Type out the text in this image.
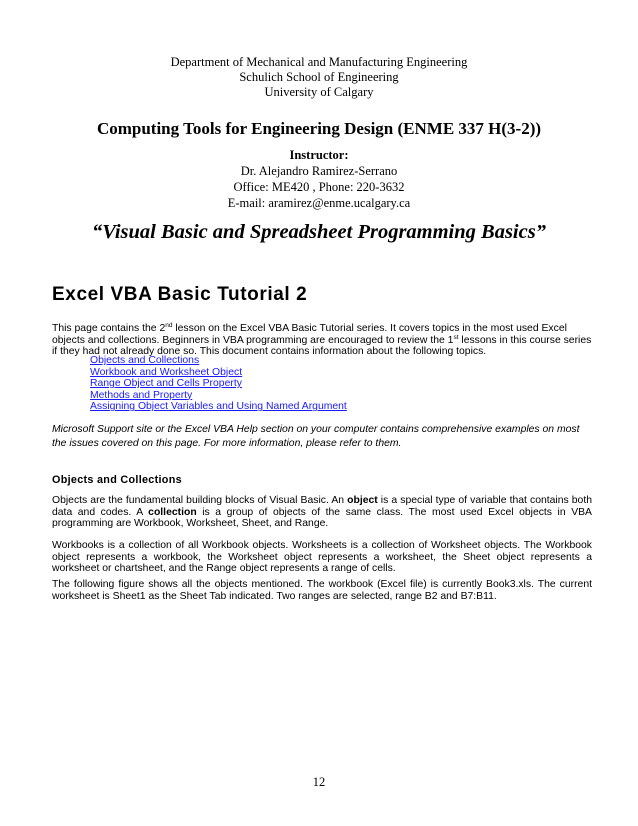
Department of Mechanical and Manufacturing Engineering
Schulich School of Engineering
University of Calgary
Computing Tools for Engineering Design (ENME 337 H(3-2))
Instructor:
Dr. Alejandro Ramirez-Serrano
Office: ME420 , Phone: 220-3632
E-mail: aramirez@enme.ucalgary.ca
“Visual Basic and Spreadsheet Programming Basics”
Excel VBA Basic Tutorial 2
This page contains the 2nd lesson on the Excel VBA Basic Tutorial series. It covers topics in the most used Excel objects and collections. Beginners in VBA programming are encouraged to review the 1st lessons in this course series if they had not already done so. This document contains information about the following topics.
Objects and Collections
Workbook and Worksheet Object
Range Object and Cells Property
Methods and Property
Assigning Object Variables and Using Named Argument
Microsoft Support site or the Excel VBA Help section on your computer contains comprehensive examples on most the issues covered on this page. For more information, please refer to them.
Objects and Collections
Objects are the fundamental building blocks of Visual Basic. An object is a special type of variable that contains both data and codes. A collection is a group of objects of the same class. The most used Excel objects in VBA programming are Workbook, Worksheet, Sheet, and Range.
Workbooks is a collection of all Workbook objects. Worksheets is a collection of Worksheet objects. The Workbook object represents a workbook, the Worksheet object represents a worksheet, the Sheet object represents a worksheet or chartsheet, and the Range object represents a range of cells.
The following figure shows all the objects mentioned. The workbook (Excel file) is currently Book3.xls. The current worksheet is Sheet1 as the Sheet Tab indicated. Two ranges are selected, range B2 and B7:B11.
12
